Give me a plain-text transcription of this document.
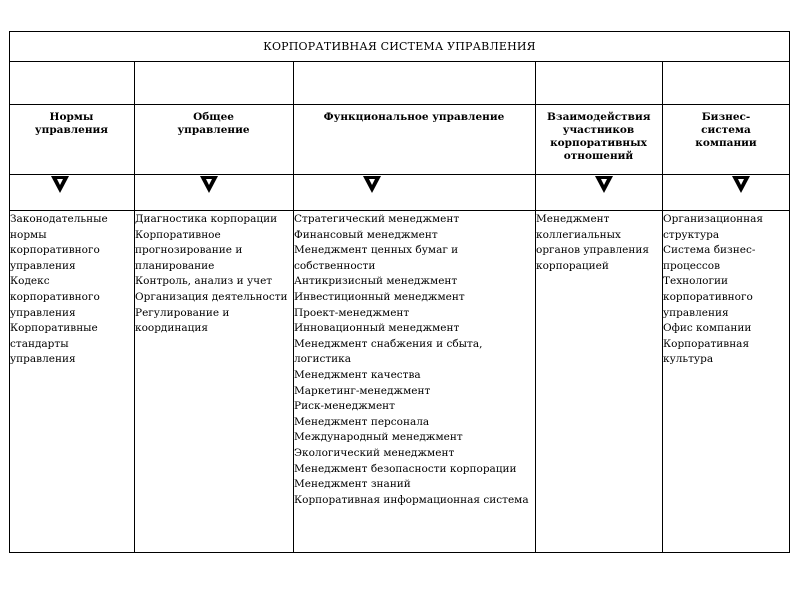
КОРПОРАТИВНАЯ СИСТЕМА УПРАВЛЕНИЯ
Нормы управления
Общее управление
Функциональное управление	Взаимодействия участников корпоративных отношений
Бизнес-система компании
Законодательные нормы корпоративного управления
Кодекс корпоративного управления
Корпоративные стандарты управления
Диагностика корпорации
Корпоративное прогнозирование и планирование
Контроль, анализ и учет
Организация деятельности
Регулирование и координация
Стратегический менеджмент
Финансовый менеджмент
Менеджмент ценных бумаг и собственности
Антикризисный менеджмент
Инвестиционный менеджмент
Проект-менеджмент
Инновационный менеджмент
Менеджмент снабжения и сбыта, логистика
Менеджмент качества
Маркетинг-менеджмент
Риск-менеджмент
Менеджмент персонала
Международный менеджмент
Экологический менеджмент
Менеджмент безопасности корпорации
Менеджмент знаний
Корпоративная информационная система
Менеджмент коллегиальных органов управления корпорацией
Организационная структура
Система бизнес-процессов
Технологии корпоративного управления
Офис компании
Корпоративная культура
